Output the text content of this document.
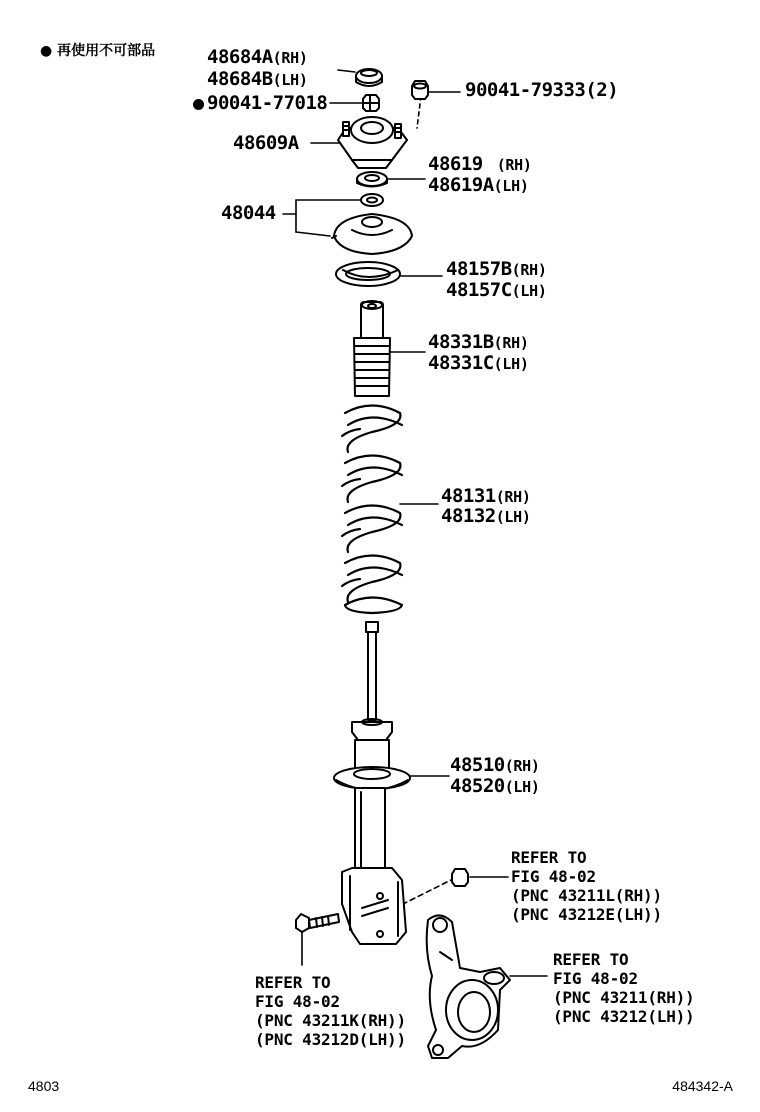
● 再使用不可部品	48684A(RH)
48684B(LH)
90041-77018
90041-79333(2)
48609A
48619 (RH)
48619A(LH)
48044
48157B(RH)
48157C(LH)
48331B(RH)
48331C(LH)
48131(RH)
48132(LH)
48510(RH)
48520(LH)
REFER TO
FIG 48-02
(PNC 43211L(RH))
(PNC 43212E(LH))
REFER TO
FIG 48-02
(PNC 43211(RH))
(PNC 43212(LH))
REFER TO
FIG 48-02
(PNC 43211K(RH))
(PNC 43212D(LH))
4803	484342-A
